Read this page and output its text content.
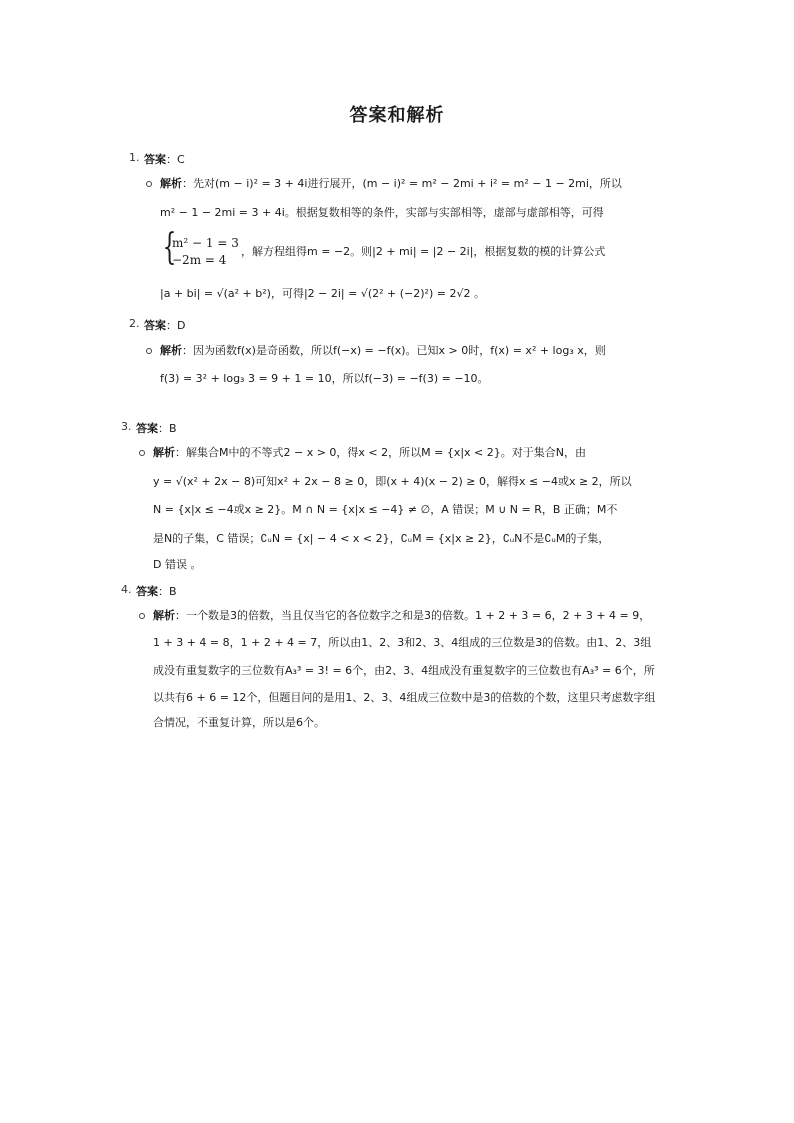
答案和解析
1. 答案：C
解析：先对(m − i)² = 3 + 4i进行展开，(m − i)² = m² − 2mi + i² = m² − 1 − 2mi，所以
m² − 1 − 2mi = 3 + 4i。根据复数相等的条件，实部与实部相等，虚部与虚部相等，可得
{
m² − 1 = 3
−2m = 4
，解方程组得m = −2。则|2 + mi| = |2 − 2i|，根据复数的模的计算公式
|a + bi| = √(a² + b²)，可得|2 − 2i| = √(2² + (−2)²) = 2√2 。
2. 答案：D
解析：因为函数f(x)是奇函数，所以f(−x) = −f(x)。已知x > 0时，f(x) = x² + log₃ x，则
f(3) = 3² + log₃ 3 = 9 + 1 = 10，所以f(−3) = −f(3) = −10。
3. 答案：B
解析：解集合M中的不等式2 − x > 0，得x < 2，所以M = {x|x < 2}。对于集合N，由
y = √(x² + 2x − 8)可知x² + 2x − 8 ≥ 0，即(x + 4)(x − 2) ≥ 0，解得x ≤ −4或x ≥ 2，所以
N = {x|x ≤ −4或x ≥ 2}。M ∩ N = {x|x ≤ −4} ≠ ∅，A 错误；M ∪ N = R，B 正确；M不
是N的子集，C 错误；∁ᵤN = {x| − 4 < x < 2}，∁ᵤM = {x|x ≥ 2}，∁ᵤN不是∁ᵤM的子集，
D 错误 。
4. 答案：B
解析：一个数是3的倍数，当且仅当它的各位数字之和是3的倍数。1 + 2 + 3 = 6，2 + 3 + 4 = 9，
1 + 3 + 4 = 8，1 + 2 + 4 = 7，所以由1、2、3和2、3、4组成的三位数是3的倍数。由1、2、3组
成没有重复数字的三位数有A₃³ = 3! = 6个，由2、3、4组成没有重复数字的三位数也有A₃³ = 6个，所
以共有6 + 6 = 12个，但题目问的是用1、2、3、4组成三位数中是3的倍数的个数，这里只考虑数字组
合情况，不重复计算，所以是6个。
